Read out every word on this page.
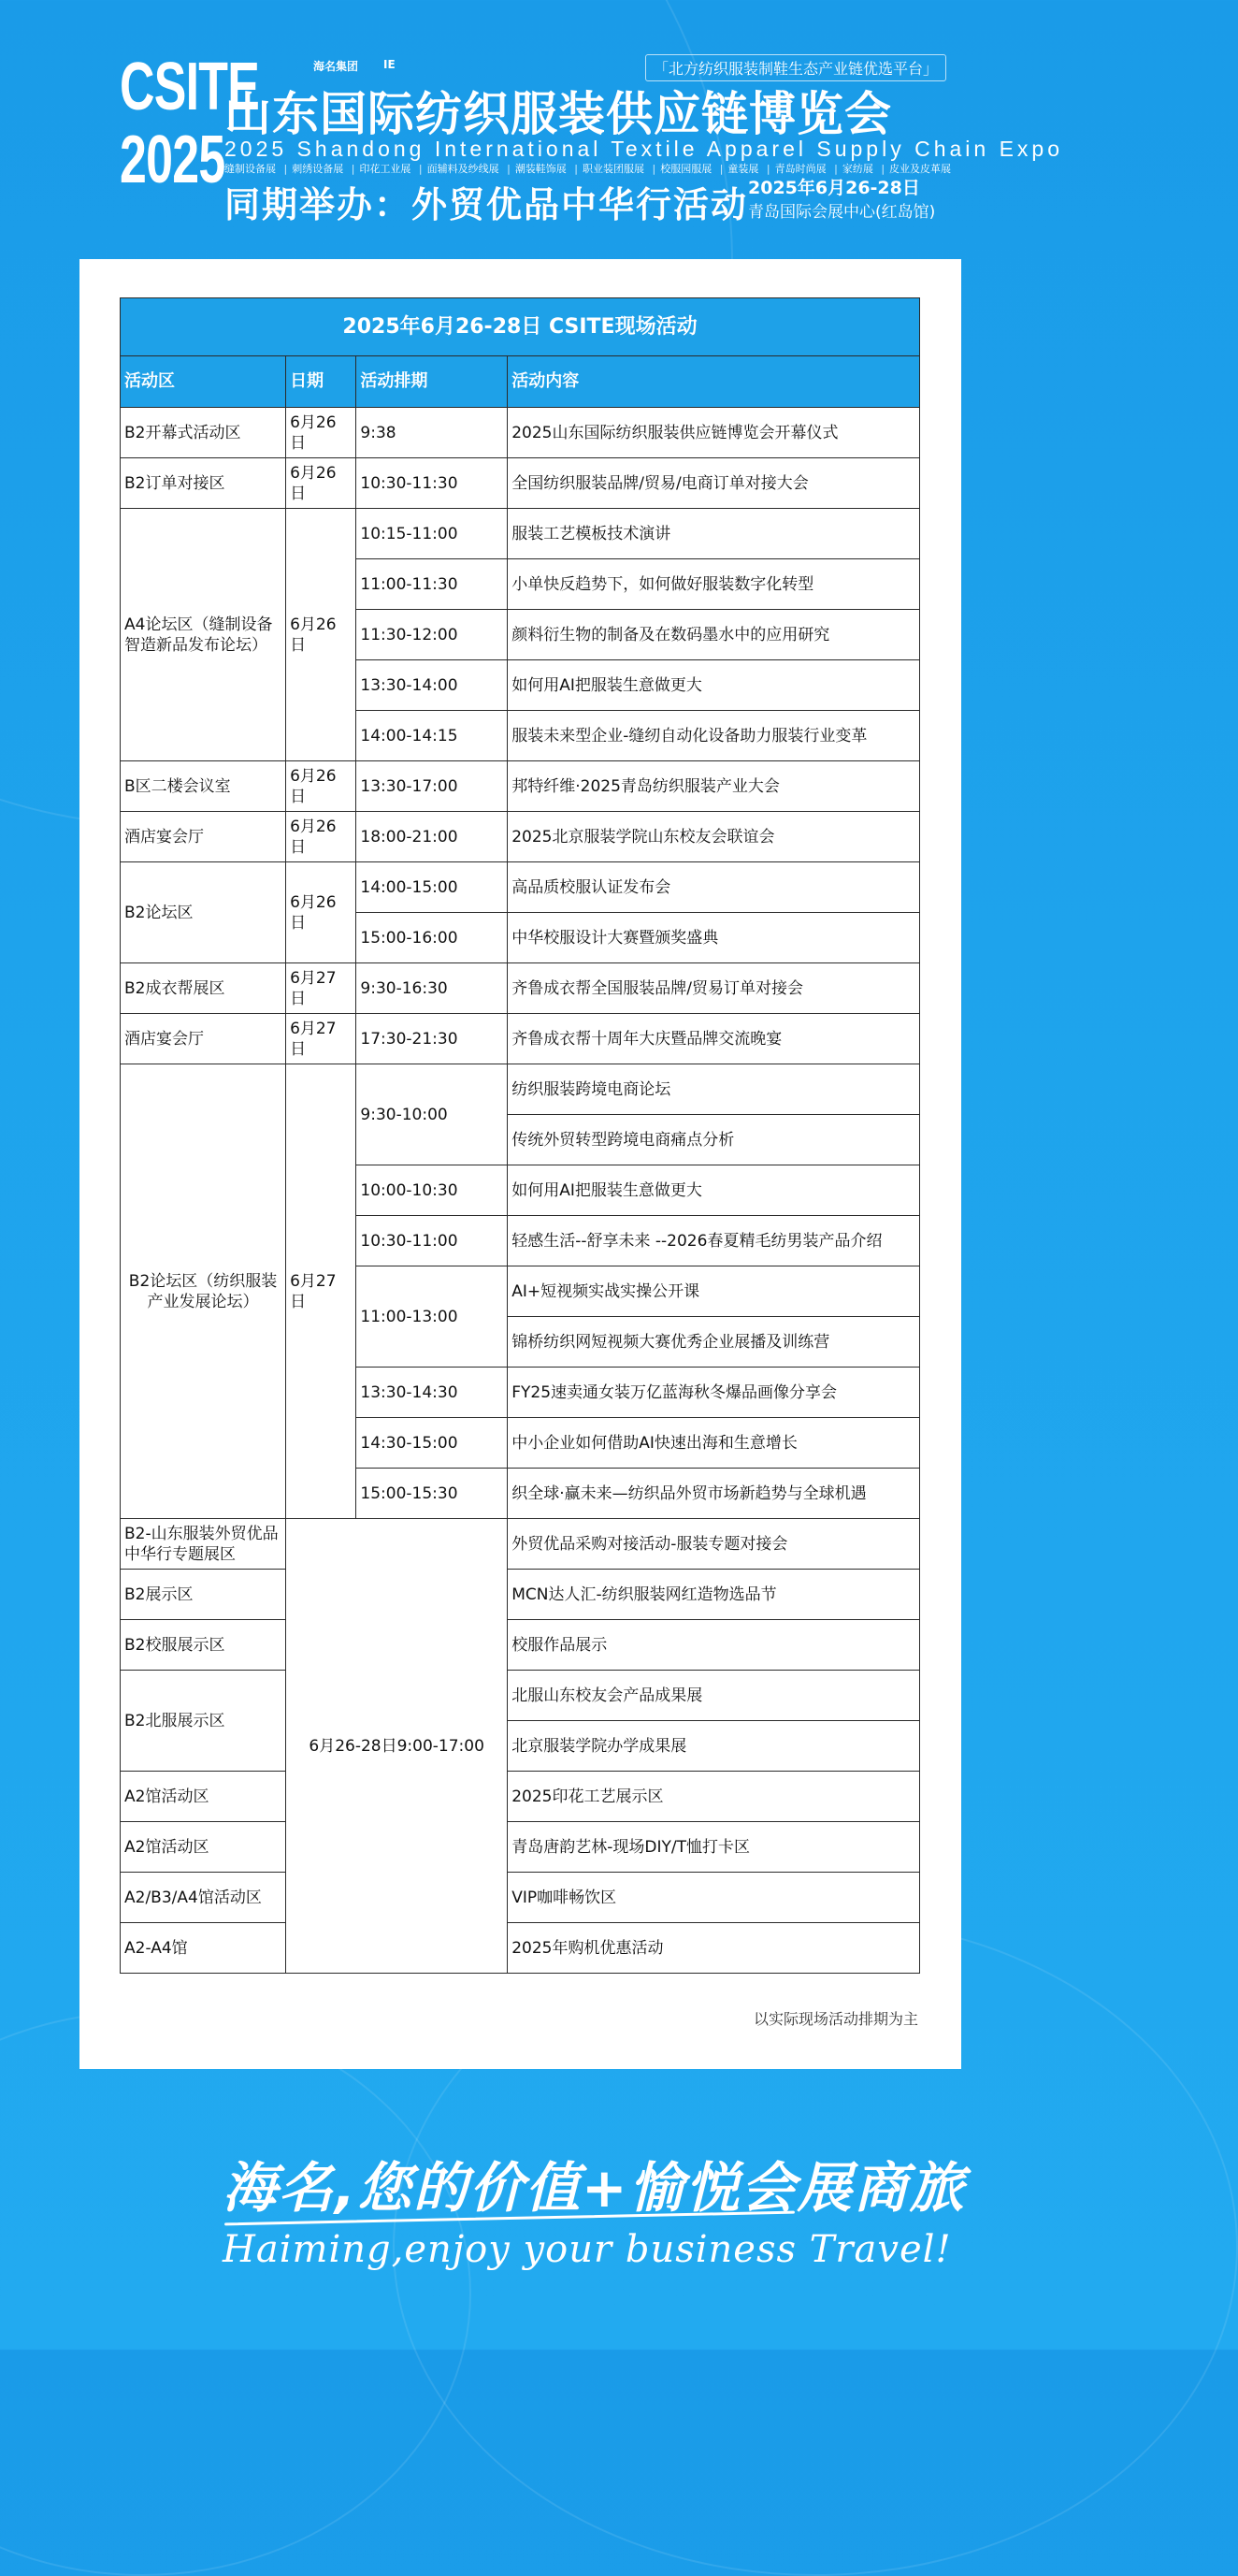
CSITE
2025
海名集团 IE	「北方纺织服装制鞋生态产业链优选平台」
山东国际纺织服装供应链博览会
2025 Shandong International Textile Apparel Supply Chain Expo
缝制设备展 | 刺绣设备展 | 印花工业展 | 面辅料及纱线展 | 潮装鞋饰展 | 职业装团服展 | 校服园服展 | 童装展 | 青岛时尚展 | 家纺展 | 皮业及皮革展
同期举办：外贸优品中华行活动 2025年6月26-28日
青岛国际会展中心(红岛馆)
2025年6月26-28日 CSITE现场活动			
活动区	日期	活动排期	活动内容
B2开幕式活动区	6月26日	9:38	2025山东国际纺织服装供应链博览会开幕仪式
B2订单对接区	6月26日	10:30-11:30	全国纺织服装品牌/贸易/电商订单对接大会
A4论坛区（缝制设备智造新品发布论坛）	6月26日	10:15-11:00	服装工艺模板技术演讲
		11:00-11:30	小单快反趋势下，如何做好服装数字化转型
		11:30-12:00	颜料衍生物的制备及在数码墨水中的应用研究
		13:30-14:00	如何用AI把服装生意做更大
		14:00-14:15	服装未来型企业-缝纫自动化设备助力服装行业变革
B区二楼会议室	6月26日	13:30-17:00	邦特纤维·2025青岛纺织服装产业大会
酒店宴会厅	6月26日	18:00-21:00	2025北京服装学院山东校友会联谊会
B2论坛区	6月26日	14:00-15:00	高品质校服认证发布会
		15:00-16:00	中华校服设计大赛暨颁奖盛典
B2成衣帮展区	6月27日	9:30-16:30	齐鲁成衣帮全国服装品牌/贸易订单对接会
酒店宴会厅	6月27日	17:30-21:30	齐鲁成衣帮十周年大庆暨品牌交流晚宴
B2论坛区（纺织服装产业发展论坛）	6月27日	9:30-10:00	纺织服装跨境电商论坛
			传统外贸转型跨境电商痛点分析
		10:00-10:30	如何用AI把服装生意做更大
		10:30-11:00	轻感生活--舒享未来 --2026春夏精毛纺男装产品介绍
		11:00-13:00	AI+短视频实战实操公开课
			锦桥纺织网短视频大赛优秀企业展播及训练营
		13:30-14:30	FY25速卖通女装万亿蓝海秋冬爆品画像分享会
		14:30-15:00	中小企业如何借助AI快速出海和生意增长
		15:00-15:30	织全球·赢未来—纺织品外贸市场新趋势与全球机遇
B2-山东服装外贸优品中华行专题展区	6月26-28日9:00-17:00		外贸优品采购对接活动-服装专题对接会
B2展示区			MCN达人汇-纺织服装网红造物选品节
B2校服展示区			校服作品展示
B2北服展示区			北服山东校友会产品成果展
			北京服装学院办学成果展
A2馆活动区			2025印花工艺展示区
A2馆活动区			青岛唐韵艺林-现场DIY/T恤打卡区
A2/B3/A4馆活动区			VIP咖啡畅饮区
A2-A4馆			2025年购机优惠活动
以实际现场活动排期为主
海名,您的价值+愉悦会展商旅
Haiming,enjoy your business Travel!
